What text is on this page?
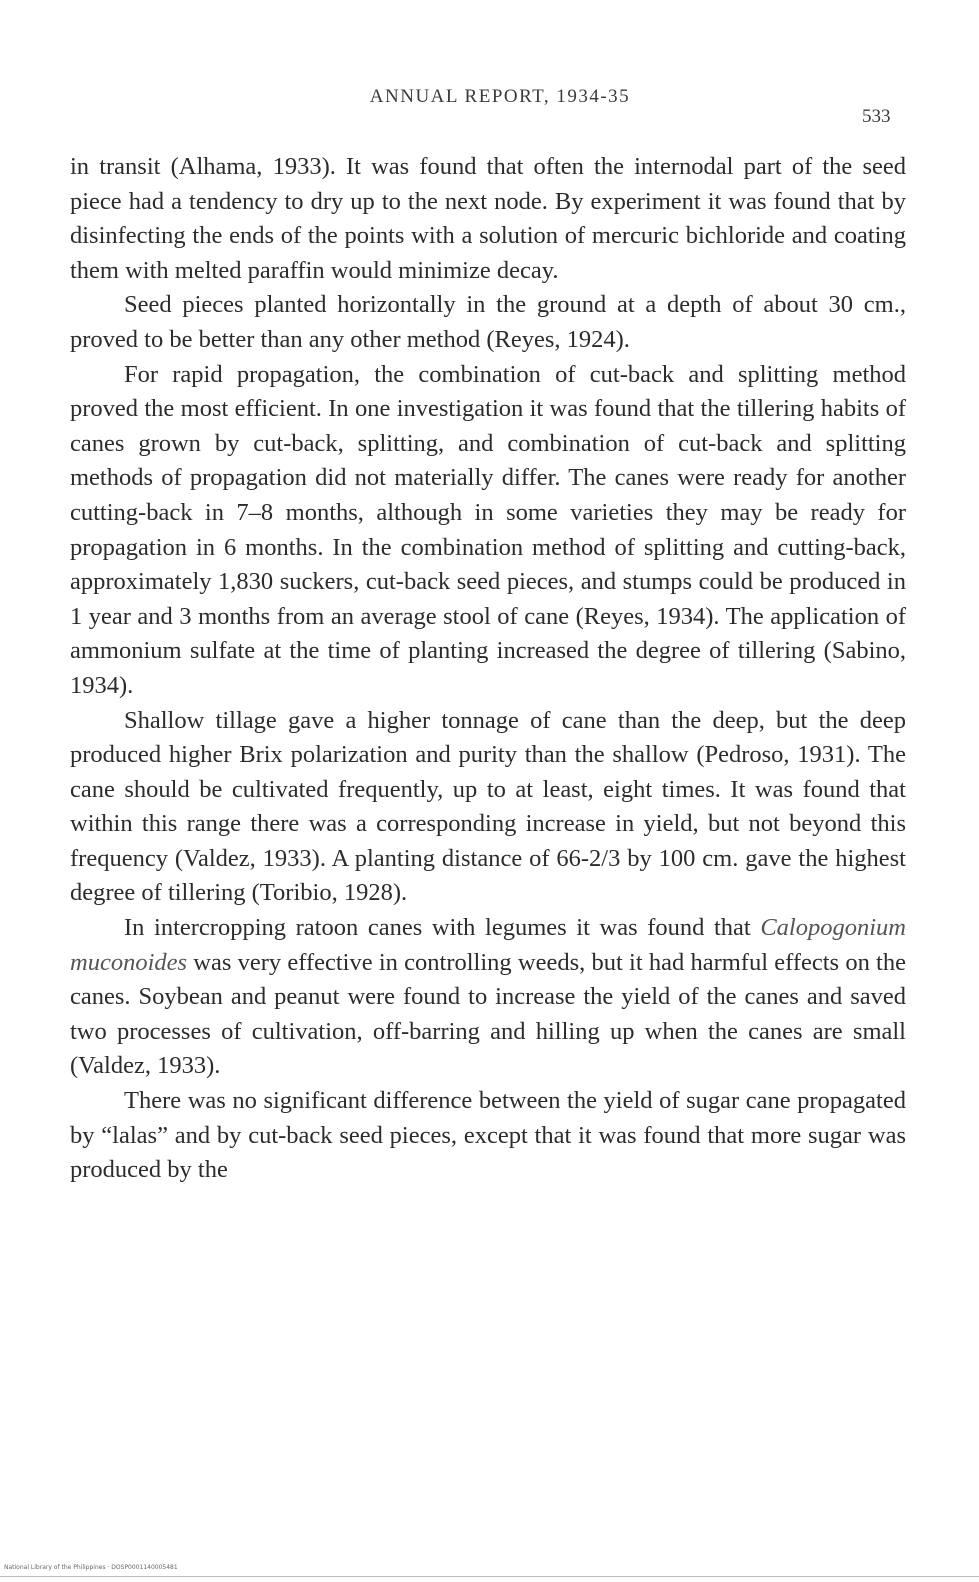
ANNUAL REPORT, 1934-35
533

in transit (Alhama, 1933). It was found that often the internodal part of the seed piece had a tendency to dry up to the next node. By experiment it was found that by disinfecting the ends of the points with a solution of mercuric bichloride and coating them with melted paraffin would minimize decay.

Seed pieces planted horizontally in the ground at a depth of about 30 cm., proved to be better than any other method (Reyes, 1924).

For rapid propagation, the combination of cut-back and splitting method proved the most efficient. In one investigation it was found that the tillering habits of canes grown by cut-back, splitting, and combination of cut-back and splitting methods of propagation did not materially differ. The canes were ready for another cutting-back in 7–8 months, although in some varieties they may be ready for propagation in 6 months. In the combination method of splitting and cutting-back, approximately 1,830 suckers, cut-back seed pieces, and stumps could be produced in 1 year and 3 months from an average stool of cane (Reyes, 1934). The application of ammonium sulfate at the time of planting increased the degree of tillering (Sabino, 1934).

Shallow tillage gave a higher tonnage of cane than the deep, but the deep produced higher Brix polarization and purity than the shallow (Pedroso, 1931). The cane should be cultivated frequently, up to at least, eight times. It was found that within this range there was a corresponding increase in yield, but not beyond this frequency (Valdez, 1933). A planting distance of 66-2/3 by 100 cm. gave the highest degree of tillering (Toribio, 1928).

In intercropping ratoon canes with legumes it was found that Calopogonium muconoides was very effective in controlling weeds, but it had harmful effects on the canes. Soybean and peanut were found to increase the yield of the canes and saved two processes of cultivation, off-barring and hilling up when the canes are small (Valdez, 1933).

There was no significant difference between the yield of sugar cane propagated by “lalas” and by cut-back seed pieces, except that it was found that more sugar was produced by the

National Library of the Philippines · DOSP0001140005481
